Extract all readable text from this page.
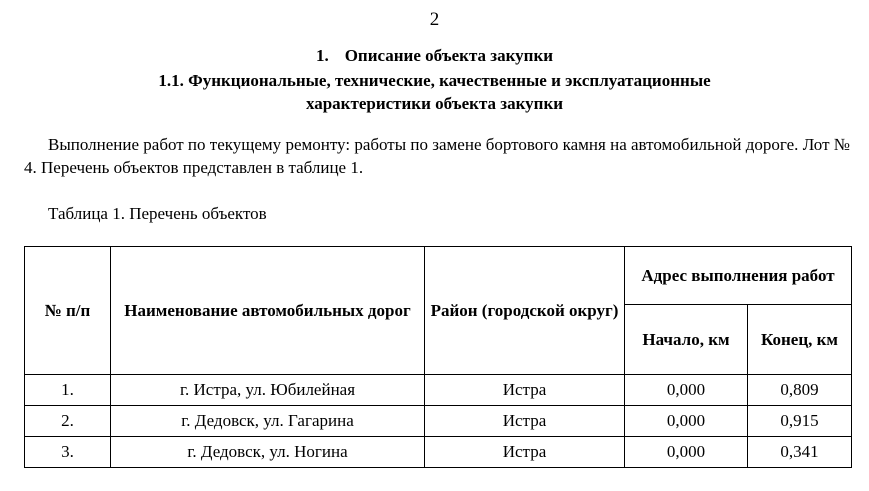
2
1. Описание объекта закупки
1.1. Функциональные, технические, качественные и эксплуатационные
характеристики объекта закупки

Выполнение работ по текущему ремонту: работы по замене бортового камня на автомобильной дороге. Лот № 4. Перечень объектов представлен в таблице 1.

Таблица 1. Перечень объектов
№ п/п	Наименование автомобильных дорог	Район (городской округ)	Адрес выполнения работ	
			Начало, км	Конец, км
1.	г. Истра, ул. Юбилейная	Истра	0,000	0,809
2.	г. Дедовск, ул. Гагарина	Истра	0,000	0,915
3.	г. Дедовск, ул. Ногина	Истра	0,000	0,341
